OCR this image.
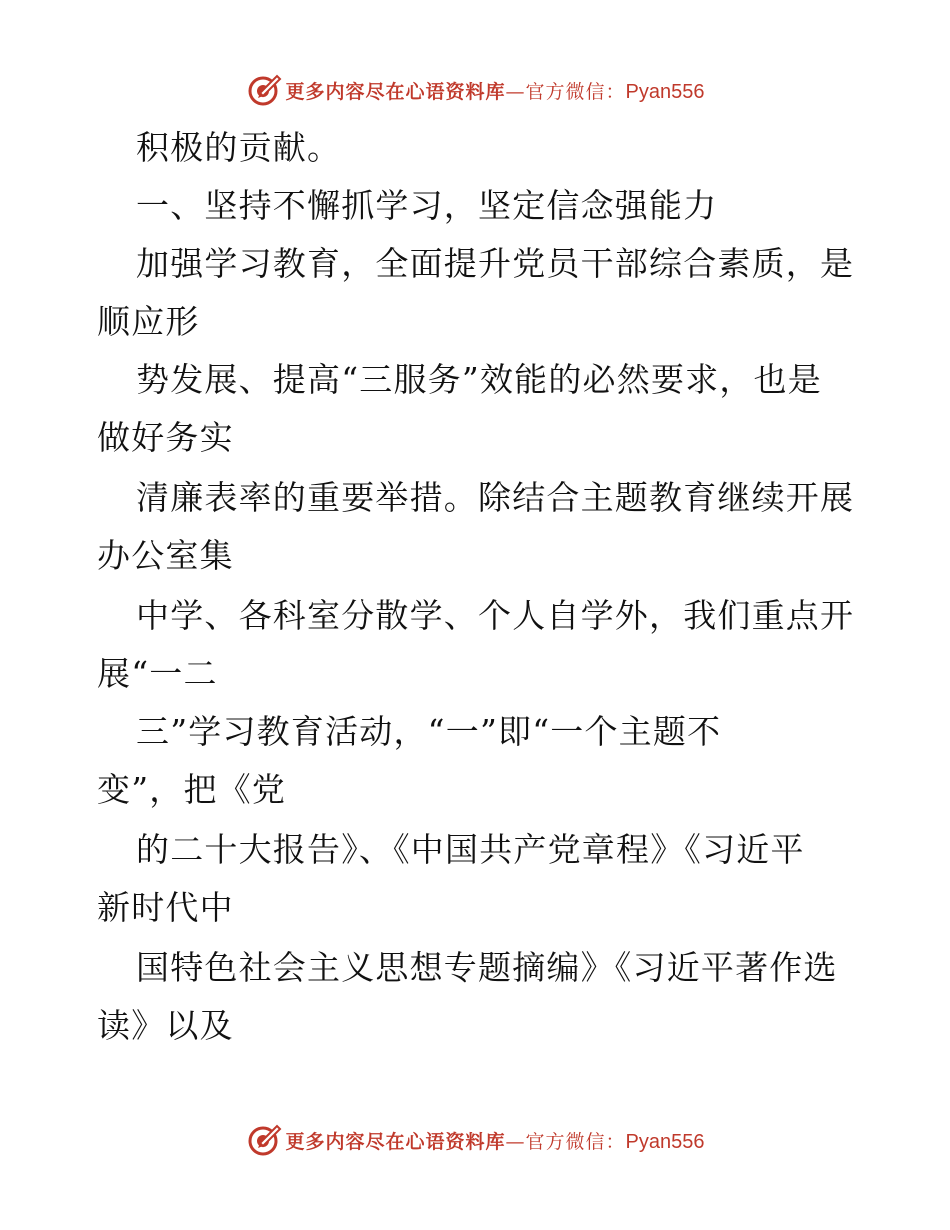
更多内容尽在心语资料库—官方微信：Pyan556
积极的贡献。
一、坚持不懈抓学习，坚定信念强能力
加强学习教育，全面提升党员干部综合素质，是
顺应形
势发展、提高“三服务”效能的必然要求，也是
做好务实
清廉表率的重要举措。除结合主题教育继续开展
办公室集
中学、各科室分散学、个人自学外，我们重点开
展“一二
三”学习教育活动，“一”即“一个主题不
变”，把《党
的二十大报告》、《中国共产党章程》《习近平
新时代中
国特色社会主义思想专题摘编》《习近平著作选
读》以及
更多内容尽在心语资料库—官方微信：Pyan556
